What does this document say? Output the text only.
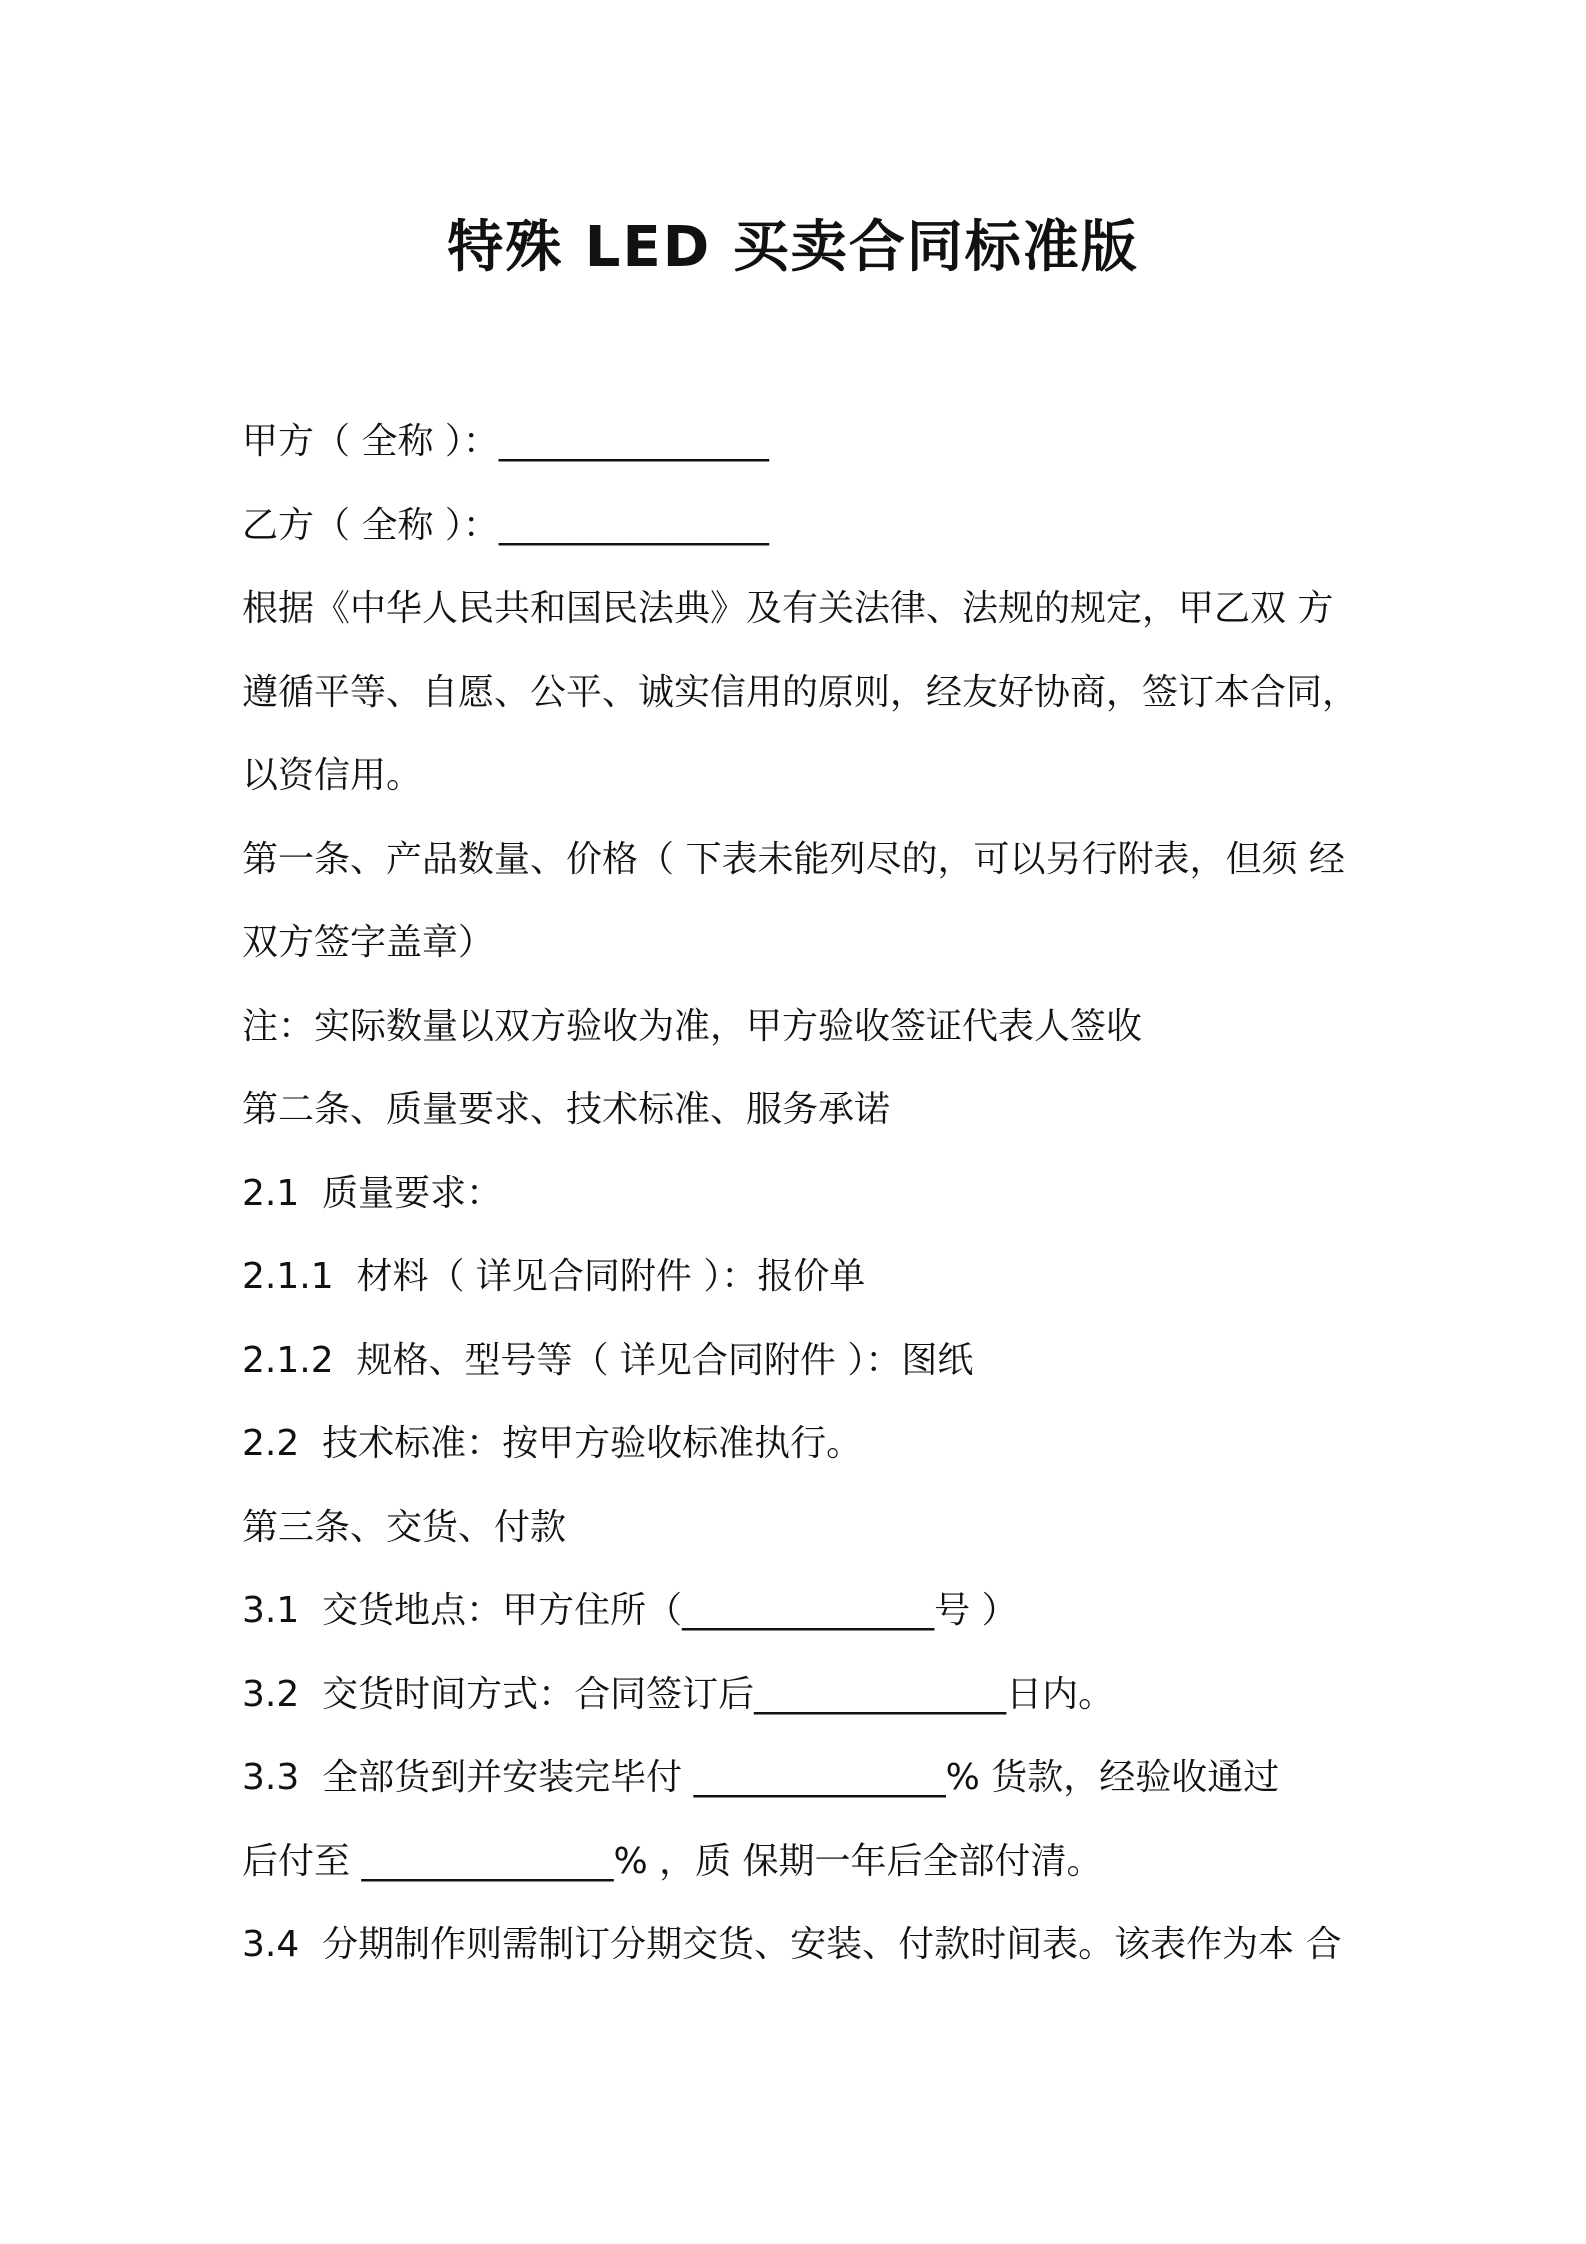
特殊 LED 买卖合同标准版
甲方（ 全称 ）：_______________
乙方（ 全称 ）：_______________
根据《中华人民共和国民法典》及有关法律、法规的规定，甲乙双 方
遵循平等、自愿、公平、诚实信用的原则，经友好协商，签订本合同，
以资信用。
第一条、产品数量、价格（ 下表未能列尽的，可以另行附表，但须 经
双方签字盖章）
注：实际数量以双方验收为准，甲方验收签证代表人签收
第二条、质量要求、技术标准、服务承诺
2.1  质量要求：
2.1.1  材料（ 详见合同附件 ）：报价单
2.1.2  规格、型号等（ 详见合同附件 ）：图纸
2.2  技术标准：按甲方验收标准执行。
第三条、交货、付款
3.1  交货地点：甲方住所（______________号 ）
3.2  交货时间方式：合同签订后______________日内。
3.3  全部货到并安装完毕付 ______________% 货款，经验收通过
后付至 ______________% ，质 保期一年后全部付清。
3.4  分期制作则需制订分期交货、安装、付款时间表。该表作为本 合
